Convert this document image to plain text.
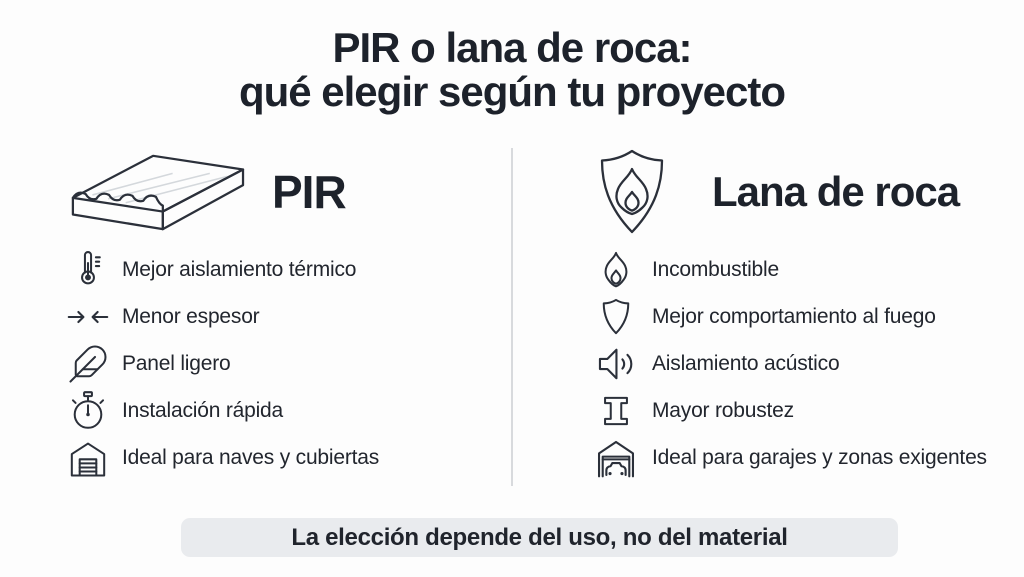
PIR o lana de roca:
qué elegir según tu proyecto
PIR
Mejor aislamiento térmico
Menor espesor
Panel ligero
Instalación rápida
Ideal para naves y cubiertas
Lana de roca
Incombustible
Mejor comportamiento al fuego
Aislamiento acústico
Mayor robustez
Ideal para garajes y zonas exigentes
La elección depende del uso, no del material
